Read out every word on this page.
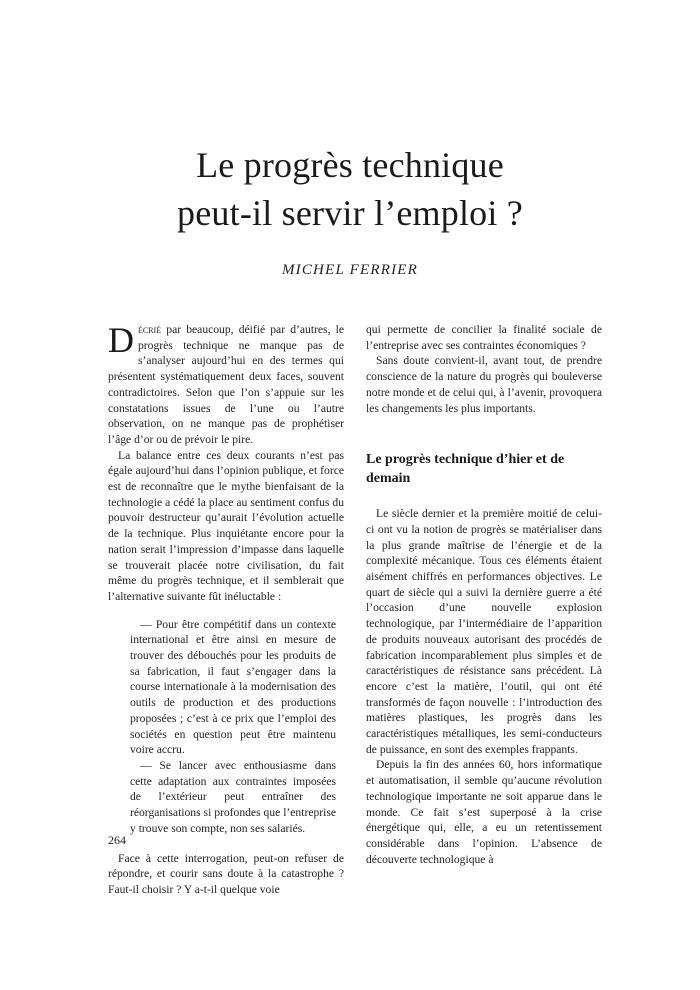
Le progrès technique
peut-il servir l’emploi ?
MICHEL FERRIER

Décrié par beaucoup, déifié par d’autres, le progrès technique ne manque pas de s’analyser aujourd’hui en des termes qui présentent systématiquement deux faces, souvent contradictoires. Selon que l’on s’appuie sur les constatations issues de l’une ou l’autre observation, on ne manque pas de prophétiser l’âge d’or ou de prévoir le pire.

La balance entre ces deux courants n’est pas égale aujourd’hui dans l’opinion publique, et force est de reconnaître que le mythe bienfaisant de la technologie a cédé la place au sentiment confus du pouvoir destructeur qu’aurait l’évolution actuelle de la technique. Plus inquiétante encore pour la nation serait l’impression d’impasse dans laquelle se trouverait placée notre civilisation, du fait même du progrès technique, et il semblerait que l’alternative suivante fût inéluctable :

— Pour être compétitif dans un contexte international et être ainsi en mesure de trouver des débouchés pour les produits de sa fabrication, il faut s’engager dans la course internationale à la modernisation des outils de production et des productions proposées ; c’est à ce prix que l’emploi des sociétés en question peut être maintenu voire accru.

— Se lancer avec enthousiasme dans cette adaptation aux contraintes imposées de l’extérieur peut entraîner des réorganisations si profondes que l’entreprise y trouve son compte, non ses salariés.

Face à cette interrogation, peut-on refuser de répondre, et courir sans doute à la catastrophe ? Faut-il choisir ? Y a-t-il quelque voie

qui permette de concilier la finalité sociale de l’entreprise avec ses contraintes économiques ?

Sans doute convient-il, avant tout, de prendre conscience de la nature du progrès qui bouleverse notre monde et de celui qui, à l’avenir, provoquera les changements les plus importants.

Le progrès technique d’hier et de demain

Le siècle dernier et la première moitié de celui-ci ont vu la notion de progrès se matérialiser dans la plus grande maîtrise de l’énergie et de la complexité mécanique. Tous ces éléments étaient aisément chiffrés en performances objectives. Le quart de siècle qui a suivi la dernière guerre a été l’occasion d’une nouvelle explosion technologique, par l’intermédiaire de l’apparition de produits nouveaux autorisant des procédés de fabrication incomparablement plus simples et de caractéristiques de résistance sans précédent. Là encore c’est la matière, l’outil, qui ont été transformés de façon nouvelle : l’introduction des matières plastiques, les progrès dans les caractéristiques métalliques, les semi-conducteurs de puissance, en sont des exemples frappants.

Depuis la fin des années 60, hors informatique et automatisation, il semble qu’aucune révolution technologique importante ne soit apparue dans le monde. Ce fait s’est superposé à la crise énergétique qui, elle, a eu un retentissement considérable dans l’opinion. L’absence de découverte technologique à

264
